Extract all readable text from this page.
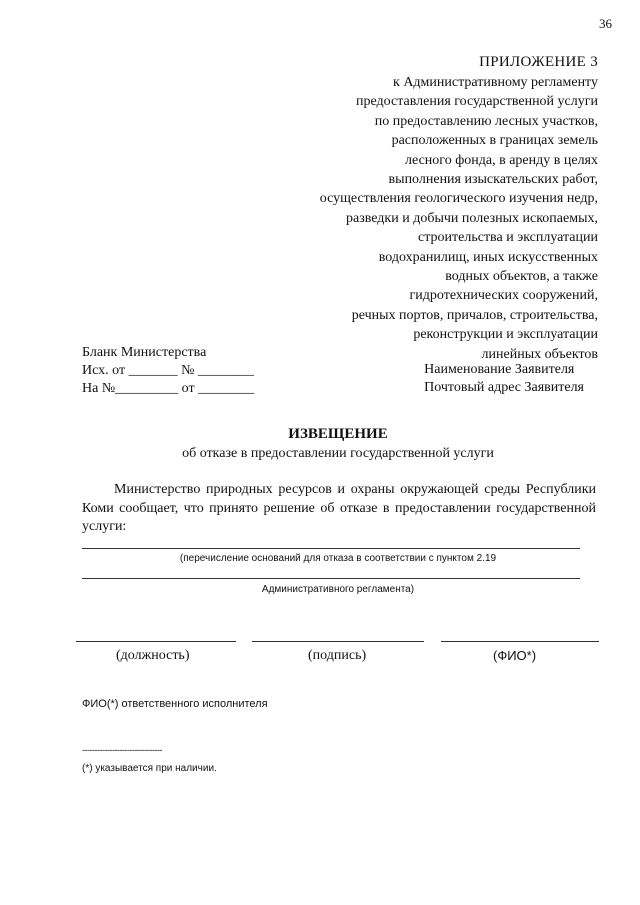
36
ПРИЛОЖЕНИЕ 3
к Административному регламенту
предоставления государственной услуги
по предоставлению лесных участков,
расположенных в границах земель
лесного фонда, в аренду в целях
выполнения изыскательских работ,
осуществления геологического изучения недр,
разведки и добычи полезных ископаемых,
строительства и эксплуатации
водохранилищ, иных искусственных
водных объектов, а также
гидротехнических сооружений,
речных портов, причалов, строительства,
реконструкции и эксплуатации
линейных объектов
Бланк Министерства
Исх. от _______ № ________
На №_________ от ________
Наименование Заявителя
Почтовый адрес Заявителя
ИЗВЕЩЕНИЕ
об отказе в предоставлении государственной услуги
Министерство природных ресурсов и охраны окружающей среды Республики Коми сообщает, что принято решение об отказе в предоставлении государственной услуги:
(перечисление оснований для отказа в соответствии с пунктом 2.19
Административного регламента)
(должность)	(подпись)	(ФИО*)
ФИО(*) ответственного исполнителя
--------------------------------
(*) указывается при наличии.
